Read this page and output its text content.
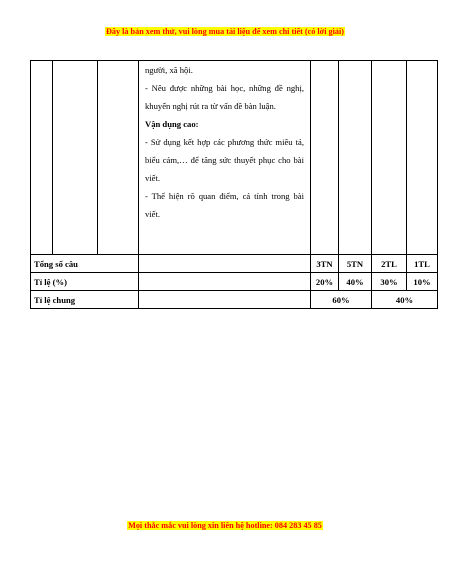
Đây là bản xem thử, vui lòng mua tài liệu để xem chi tiết (có lời giải)

			người, xã hội.
- Nêu được những bài học, những đề nghị, khuyến nghị rút ra từ vấn đề bàn luận.
Vận dụng cao:
- Sử dụng kết hợp các phương thức miêu tả, biểu cảm,… để tăng sức thuyết phục cho bài viết.
- Thể hiện rõ quan điểm, cá tính trong bài viết.				

Tổng số câu				3TN	5TN	2TL	1TL
Tỉ lệ (%)				20%	40%	30%	10%
Tỉ lệ chung				60%		40%	
Mọi thắc mắc vui lòng xin liên hệ hotline: 084 283 45 85
